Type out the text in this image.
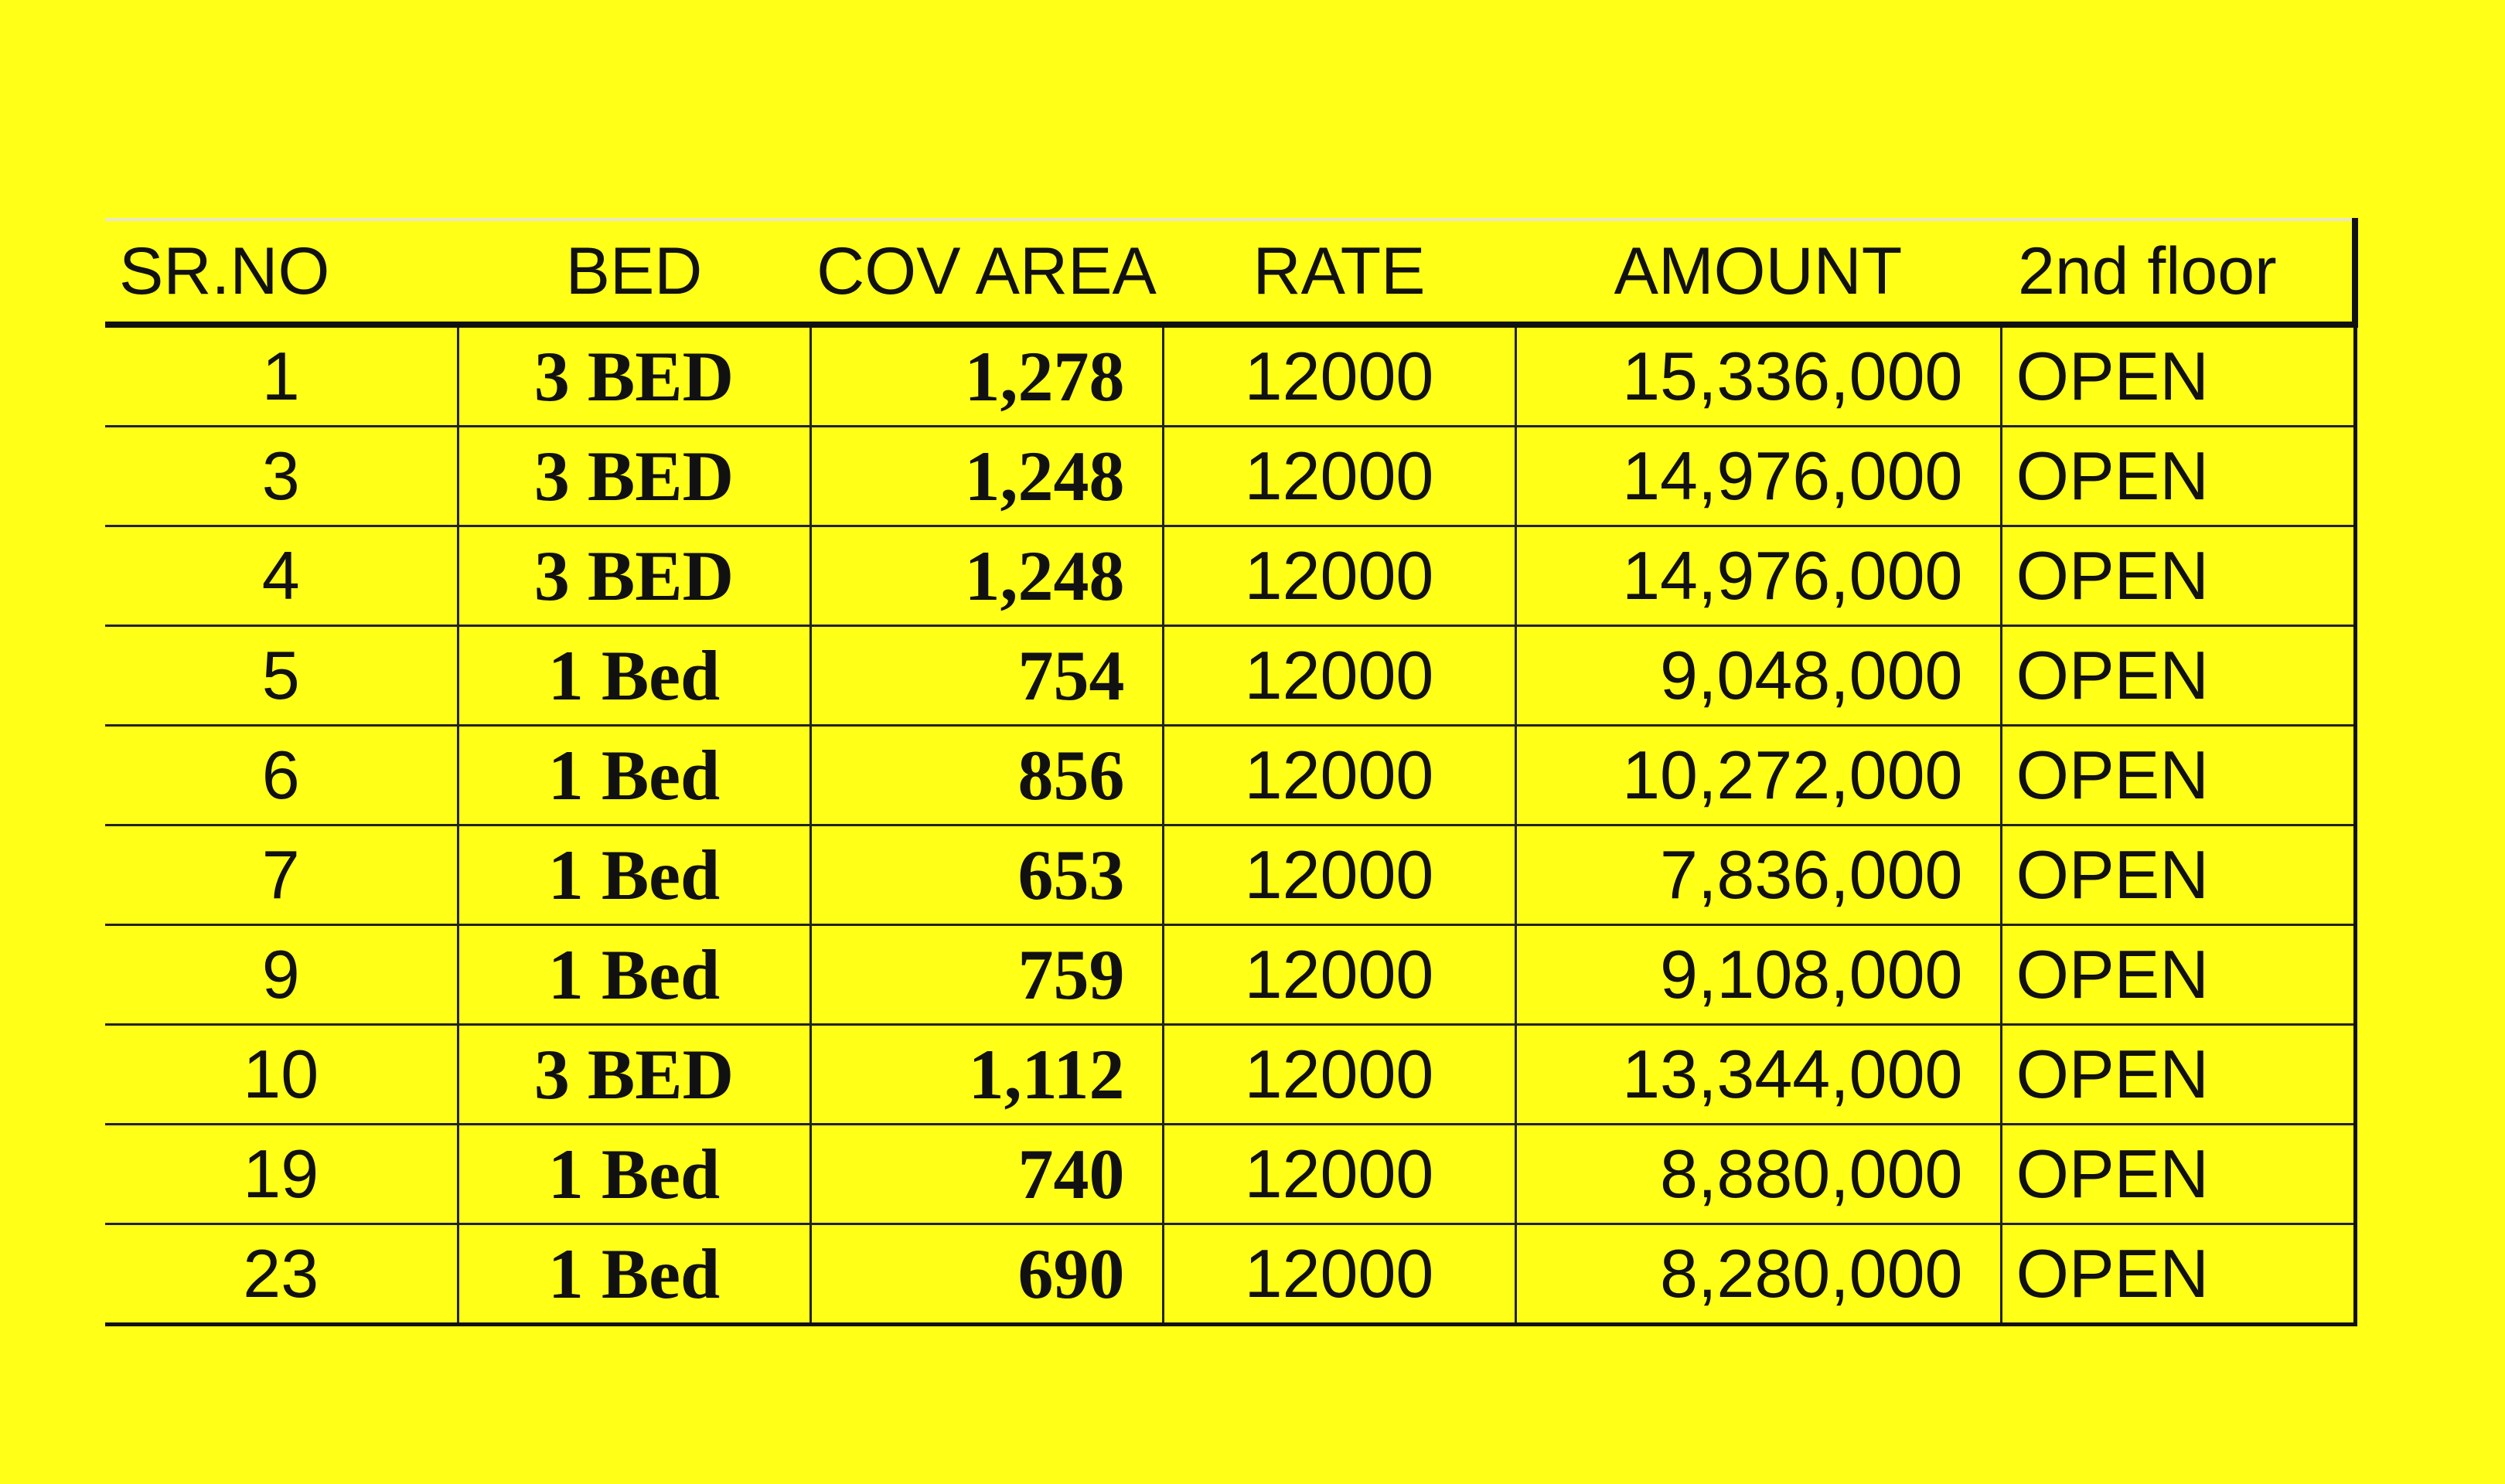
SR.NO	BED	COV AREA	RATE	AMOUNT	2nd floor
1	3 BED	1,278	12000	15,336,000	OPEN
3	3 BED	1,248	12000	14,976,000	OPEN
4	3 BED	1,248	12000	14,976,000	OPEN
5	1 Bed	754	12000	9,048,000	OPEN
6	1 Bed	856	12000	10,272,000	OPEN
7	1 Bed	653	12000	7,836,000	OPEN
9	1 Bed	759	12000	9,108,000	OPEN
10	3 BED	1,112	12000	13,344,000	OPEN
19	1 Bed	740	12000	8,880,000	OPEN
23	1 Bed	690	12000	8,280,000	OPEN
